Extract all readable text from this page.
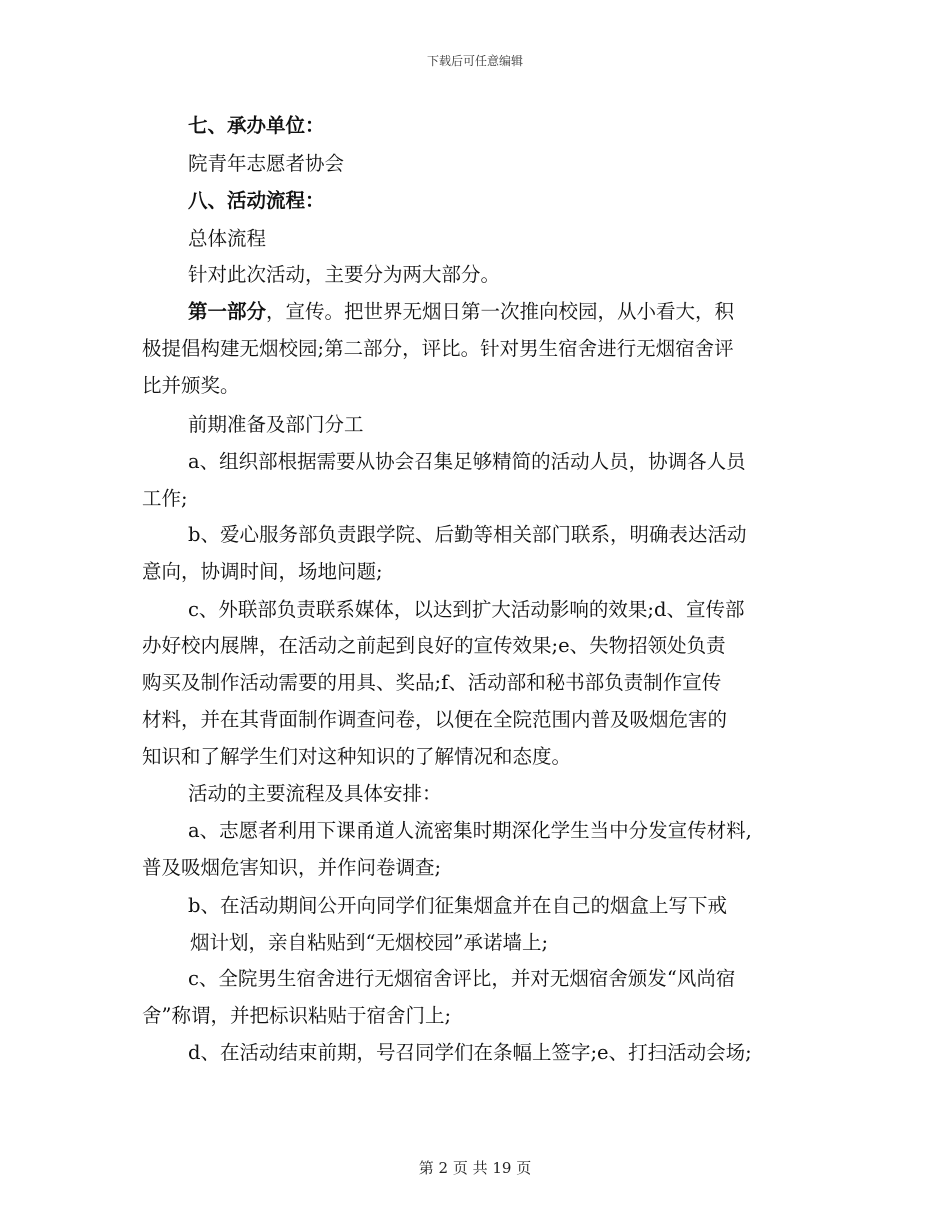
下载后可任意编辑
七、承办单位：
院青年志愿者协会
八、活动流程：
总体流程
针对此次活动，主要分为两大部分。
第一部分，宣传。把世界无烟日第一次推向校园，从小看大，积
极提倡构建无烟校园;第二部分，评比。针对男生宿舍进行无烟宿舍评
比并颁奖。
前期准备及部门分工
a、组织部根据需要从协会召集足够精简的活动人员，协调各人员
工作;
b、爱心服务部负责跟学院、后勤等相关部门联系，明确表达活动
意向，协调时间，场地问题;
c、外联部负责联系媒体，以达到扩大活动影响的效果;d、宣传部
办好校内展牌，在活动之前起到良好的宣传效果;e、失物招领处负责
购买及制作活动需要的用具、奖品;f、活动部和秘书部负责制作宣传
材料，并在其背面制作调查问卷，以便在全院范围内普及吸烟危害的
知识和了解学生们对这种知识的了解情况和态度。
活动的主要流程及具体安排：
a、志愿者利用下课甬道人流密集时期深化学生当中分发宣传材料,
普及吸烟危害知识，并作问卷调查;
b、在活动期间公开向同学们征集烟盒并在自己的烟盒上写下戒
烟计划，亲自粘贴到“无烟校园”承诺墙上;
c、全院男生宿舍进行无烟宿舍评比，并对无烟宿舍颁发“风尚宿
舍”称谓，并把标识粘贴于宿舍门上;
d、在活动结束前期，号召同学们在条幅上签字;e、打扫活动会场;
第 2 页 共 19 页
